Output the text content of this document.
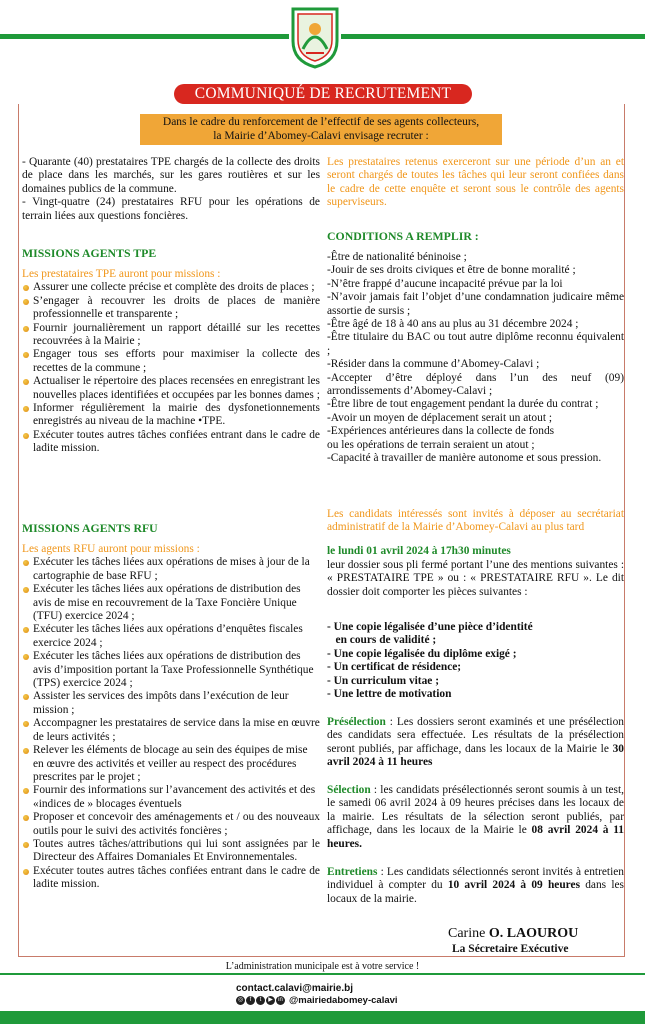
COMMUNIQUÉ DE RECRUTEMENT
Dans le cadre du renforcement de l’effectif de ses agents collecteurs,
la Mairie d’Abomey-Calavi envisage recruter :

- Quarante (40) prestataires TPE chargés de la collecte des droits de place dans les marchés, sur les gares routières et sur les domaines publics de la commune.

- Vingt-quatre (24) prestataires RFU pour les opérations de terrain liées aux questions foncières.

MISSIONS AGENTS TPE

Les prestataires TPE auront pour missions :

Assurer une collecte précise et complète des droits de places ;

S’engager à recouvrer les droits de places de manière professionnelle et transparente ;

Fournir journalièrement un rapport détaillé sur les recettes recouvrées à la Mairie ;

Engager tous ses efforts pour maximiser la collecte des recettes de la commune ;

Actualiser le répertoire des places recensées en enregistrant les nouvelles places identifiées et occupées par les bonnes dames ;

Informer régulièrement la mairie des dysfonetionnements enregistrés au niveau de la machine •TPE.

Exécuter toutes autres tâches confiées entrant dans le cadre de ladite mission.

MISSIONS AGENTS RFU

Les agents RFU auront pour missions :

Exécuter les tâches liées aux opérations de mises à jour de la cartographie de base RFU ;

Exécuter les tâches liées aux opérations de distribution des avis de mise en recouvrement de la Taxe Foncière Unique (TFU) exercice 2024 ;

Exécuter les tâches liées aux opérations d’enquêtes fiscales exercice 2024 ;

Exécuter les tâches liées aux opérations de distribution des avis d’imposition portant la Taxe Professionnelle Synthétique (TPS) exercice 2024 ;

Assister les services des impôts dans l’exécution de leur mission ;

Accompagner les prestataires de service dans la mise en œuvre de leurs activités ;

Relever les éléments de blocage au sein des équipes de mise en œuvre des activités et veiller au respect des procédures prescrites par le projet ;

Fournir des informations sur l’avancement des activités et des «indices de » blocages éventuels

Proposer et concevoir des aménagements et / ou des nouveaux outils pour le suivi des activités foncières ;

Toutes autres tâches/attributions qui lui sont assignées par le Directeur des Affaires Domaniales Et Environnementales.

Exécuter toutes autres tâches confiées entrant dans le cadre de ladite mission.

Les prestataires retenus exerceront sur une période d’un an et seront chargés de toutes les tâches qui leur seront confiées dans le cadre de cette enquête et seront sous le contrôle des agents superviseurs.

CONDITIONS A REMPLIR :

-Être de nationalité béninoise ;

-Jouir de ses droits civiques et être de bonne moralité ;

-N’être frappé d’aucune incapacité prévue par la loi

-N’avoir jamais fait l’objet d’une condamnation judicaire même assortie de sursis ;

-Être âgé de 18 à 40 ans au plus au 31 décembre 2024 ;

-Être titulaire du BAC ou tout autre diplôme reconnu équivalent ;

-Résider dans la commune d’Abomey-Calavi ;

-Accepter d’être déployé dans l’un des neuf (09) arrondissements d’Abomey-Calavi ;

-Être libre de tout engagement pendant la durée du contrat ;

-Avoir un moyen de déplacement serait un atout ;

-Expériences antérieures dans la collecte de fonds

ou les opérations de terrain seraient un atout ;

-Capacité à travailler de manière autonome et sous pression.

Les candidats intéressés sont invités à déposer au secrétariat administratif de la Mairie d’Abomey-Calavi au plus tard

le lundi 01 avril 2024 à 17h30 minutes

leur dossier sous pli fermé portant l’une des mentions suivantes : « PRESTATAIRE TPE » ou : « PRESTATAIRE RFU ». Le dit dossier doit comporter les pièces suivantes :

- Une copie légalisée d’une pièce d’identité

en cours de validité ;

- Une copie légalisée du diplôme exigé ;

- Un certificat de résidence;

- Un curriculum vitae ;

- Une lettre de motivation

Présélection : Les dossiers seront examinés et une présélection des candidats sera effectuée. Les résultats de la présélection seront publiés, par affichage, dans les locaux de la Mairie le 30 avril 2024 à 11 heures
Sélection : les candidats présélectionnés seront soumis à un test, le samedi 06 avril 2024 à 09 heures précises dans les locaux de la mairie. Les résultats de la sélection seront publiés, par affichage, dans les locaux de la Mairie le 08 avril 2024 à 11 heures.
Entretiens : Les candidats sélectionnés seront invités à entretien individuel à compter du 10 avril 2024 à 09 heures dans les locaux de la mairie.
Carine O. LAOUROU
La Sécretaire Exécutive
L’administration municipale est à votre service !
contact.calavi@mairie.bj
◎	f	t	▶ in @mairiedabomey-calavi
